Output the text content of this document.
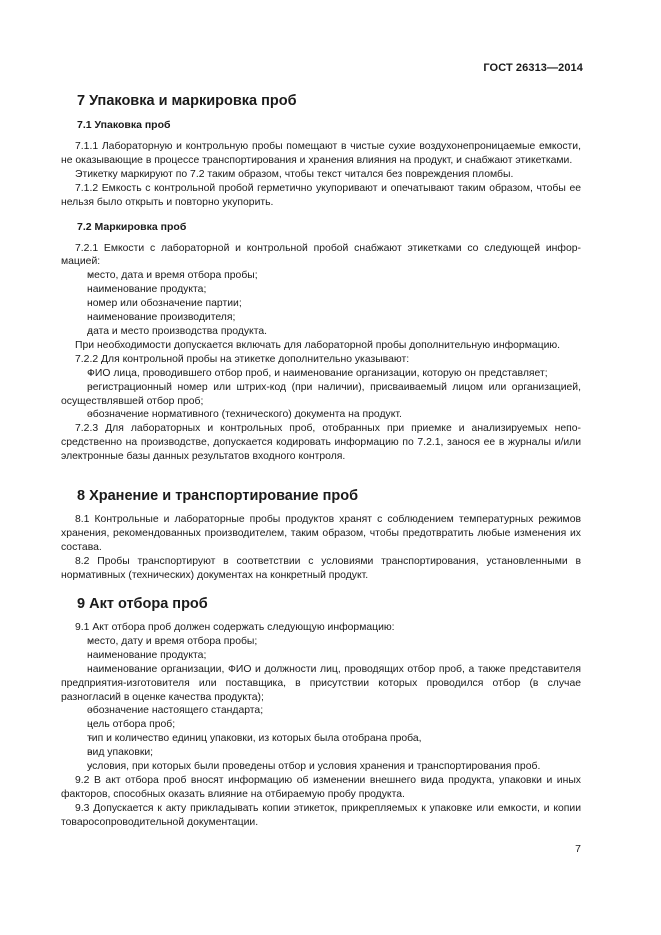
ГОСТ 26313—2014
7 Упаковка и маркировка проб
7.1 Упаковка проб

7.1.1 Лабораторную и контрольную пробы помещают в чистые сухие воздухонепроницаемые емкости, не оказывающие в процессе транспортирования и хранения влияния на продукт, и снабжают этикетками.

Этикетку маркируют по 7.2 таким образом, чтобы текст читался без повреждения пломбы.

7.1.2 Емкость с контрольной пробой герметично укупоривают и опечатывают таким образом, чтобы ее нельзя было открыть и повторно укупорить.

7.2 Маркировка проб

7.2.1 Емкости с лабораторной и контрольной пробой снабжают этикетками со следующей информацией:

- место, дата и время отбора пробы;

- наименование продукта;

- номер или обозначение партии;

- наименование производителя;

- дата и место производства продукта.

При необходимости допускается включать для лабораторной пробы дополнительную информацию.

7.2.2 Для контрольной пробы на этикетке дополнительно указывают:

- ФИО лица, проводившего отбор проб, и наименование организации, которую он представляет;

- регистрационный номер или штрих-код (при наличии), присваиваемый лицом или организацией, осуществлявшей отбор проб;

- обозначение нормативного (технического) документа на продукт.

7.2.3 Для лабораторных и контрольных проб, отобранных при приемке и анализируемых непосредственно на производстве, допускается кодировать информацию по 7.2.1, занося ее в журналы и/или электронные базы данных результатов входного контроля.

8 Хранение и транспортирование проб

8.1 Контрольные и лабораторные пробы продуктов хранят с соблюдением температурных режимов хранения, рекомендованных производителем, таким образом, чтобы предотвратить любые изменения их состава.

8.2 Пробы транспортируют в соответствии с условиями транспортирования, установленными в нормативных (технических) документах на конкретный продукт.

9 Акт отбора проб

9.1 Акт отбора проб должен содержать следующую информацию:

- место, дату и время отбора пробы;

- наименование продукта;

- наименование организации, ФИО и должности лиц, проводящих отбор проб, а также представителя предприятия-изготовителя или поставщика, в присутствии которых проводился отбор (в случае разногласий в оценке качества продукта);

- обозначение настоящего стандарта;

- цель отбора проб;

- тип и количество единиц упаковки, из которых была отобрана проба,

- вид упаковки;

- условия, при которых были проведены отбор и условия хранения и транспортирования проб.

9.2 В акт отбора проб вносят информацию об изменении внешнего вида продукта, упаковки и иных факторов, способных оказать влияние на отбираемую пробу продукта.

9.3 Допускается к акту прикладывать копии этикеток, прикрепляемых к упаковке или емкости, и копии товаросопроводительной документации.

7
